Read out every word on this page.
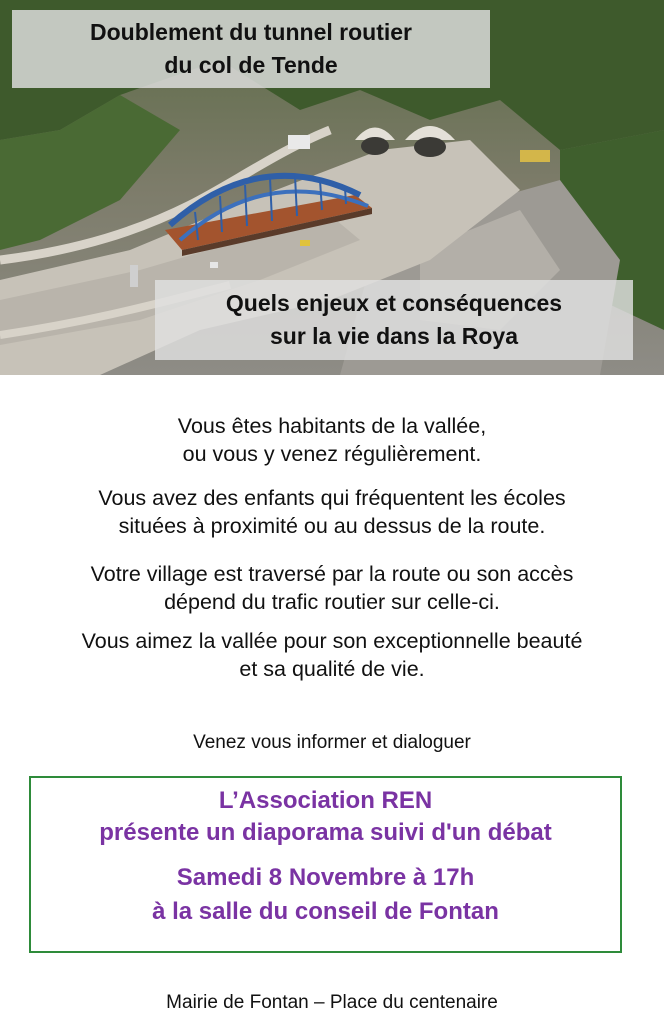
Doublement du tunnel routier
du col de Tende
Quels enjeux et conséquences
sur la vie dans la Roya
Vous êtes habitants de la vallée,
ou vous y venez régulièrement.
Vous avez des enfants qui fréquentent les écoles
situées à proximité ou au dessus de la route.
Votre village est traversé par la route ou son accès
dépend du trafic routier sur celle-ci.
Vous aimez la vallée pour son exceptionnelle beauté
et sa qualité de vie.
Venez vous informer et dialoguer
L’Association REN
présente un diaporama suivi d'un débat
Samedi 8 Novembre à 17h
à la salle du conseil de Fontan
Mairie de Fontan – Place du centenaire
